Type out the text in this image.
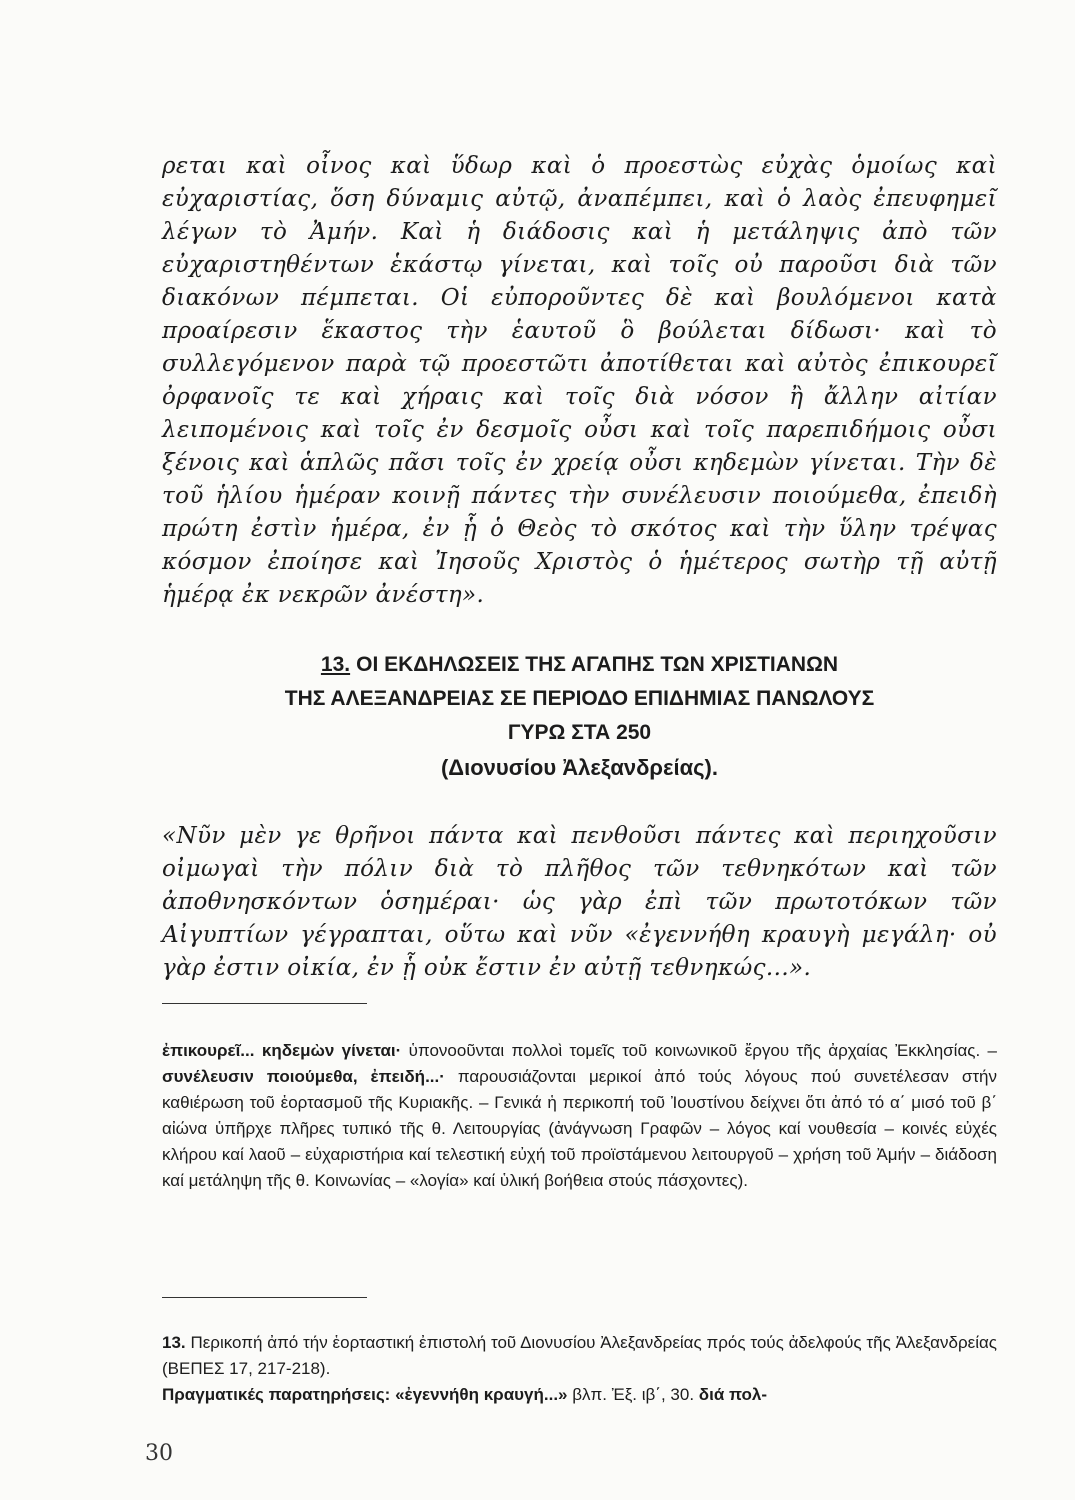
ρεται καὶ οἶνος καὶ ὕδωρ καὶ ὁ προεστὼς εὐχὰς ὁμοίως καὶ εὐχαριστίας, ὅση δύναμις αὐτῷ, ἀναπέμπει, καὶ ὁ λαὸς ἐπευφημεῖ λέγων τὸ Ἀμήν. Καὶ ἡ διάδοσις καὶ ἡ μετάληψις ἀπὸ τῶν εὐχαριστηθέντων ἑκάστῳ γίνεται, καὶ τοῖς οὐ παροῦσι διὰ τῶν διακόνων πέμπεται. Οἱ εὐποροῦντες δὲ καὶ βουλόμενοι κατὰ προαίρεσιν ἕκαστος τὴν ἑαυτοῦ ὃ βούλεται δίδωσι· καὶ τὸ συλλεγόμενον παρὰ τῷ προεστῶτι ἀποτίθεται καὶ αὐτὸς ἐπικουρεῖ ὀρφανοῖς τε καὶ χήραις καὶ τοῖς διὰ νόσον ἢ ἄλλην αἰτίαν λειπομένοις καὶ τοῖς ἐν δεσμοῖς οὖσι καὶ τοῖς παρεπιδήμοις οὖσι ξένοις καὶ ἁπλῶς πᾶσι τοῖς ἐν χρείᾳ οὖσι κηδεμὼν γίνεται. Τὴν δὲ τοῦ ἡλίου ἡμέραν κοινῇ πάντες τὴν συνέλευσιν ποιούμεθα, ἐπειδὴ πρώτη ἐστὶν ἡμέρα, ἐν ᾗ ὁ Θεὸς τὸ σκότος καὶ τὴν ὕλην τρέψας κόσμον ἐποίησε καὶ Ἰησοῦς Χριστὸς ὁ ἡμέτερος σωτὴρ τῇ αὐτῇ ἡμέρᾳ ἐκ νεκρῶν ἀνέστη».

13. ΟΙ ΕΚΔΗΛΩΣΕΙΣ ΤΗΣ ΑΓΑΠΗΣ ΤΩΝ ΧΡΙΣΤΙΑΝΩΝ
ΤΗΣ ΑΛΕΞΑΝΔΡΕΙΑΣ ΣΕ ΠΕΡΙΟΔΟ ΕΠΙΔΗΜΙΑΣ ΠΑΝΩΛΟΥΣ
ΓΥΡΩ ΣΤΑ 250
(Διονυσίου Ἀλεξανδρείας).

«Νῦν μὲν γε θρῆνοι πάντα καὶ πενθοῦσι πάντες καὶ περιηχοῦσιν οἰμωγαὶ τὴν πόλιν διὰ τὸ πλῆθος τῶν τεθνηκότων καὶ τῶν ἀποθνησκόντων ὁσημέραι· ὡς γὰρ ἐπὶ τῶν πρωτοτόκων τῶν Αἰγυπτίων γέγραπται, οὕτω καὶ νῦν «ἐγεννήθη κραυγὴ μεγάλη· οὐ γὰρ ἐστιν οἰκία, ἐν ᾗ οὐκ ἔστιν ἐν αὐτῇ τεθνηκώς...».

ἐπικουρεῖ... κηδεμὼν γίνεται· ὑπονοοῦνται πολλοὶ τομεῖς τοῦ κοινωνικοῦ ἔργου τῆς ἀρχαίας Ἐκκλησίας. – συνέλευσιν ποιούμεθα, ἐπειδή...· παρουσιάζονται μερικοί ἀπό τούς λόγους πού συνετέλεσαν στήν καθιέρωση τοῦ ἑορτασμοῦ τῆς Κυριακῆς. – Γενικά ἡ περικοπή τοῦ Ἰουστίνου δείχνει ὅτι ἀπό τό α΄ μισό τοῦ β΄ αἰώνα ὑπῆρχε πλῆρες τυπικό τῆς θ. Λειτουργίας (ἀνάγνωση Γραφῶν – λόγος καί νουθεσία – κοινές εὐχές κλήρου καί λαοῦ – εὐχαριστήρια καί τελεστική εὐχή τοῦ προϊστάμενου λειτουργοῦ – χρήση τοῦ Ἀμήν – διάδοση καί μετάληψη τῆς θ. Κοινωνίας – «λογία» καί ὑλική βοήθεια στούς πάσχοντες).

13. Περικοπή ἀπό τήν ἑορταστική ἐπιστολή τοῦ Διονυσίου Ἀλεξανδρείας πρός τούς ἀδελφούς τῆς Ἀλεξανδρείας (ΒΕΠΕΣ 17, 217-218).
Πραγματικές παρατηρήσεις: «ἐγεννήθη κραυγή...» βλπ. Ἐξ. ιβ΄, 30. διά πολ-

30
